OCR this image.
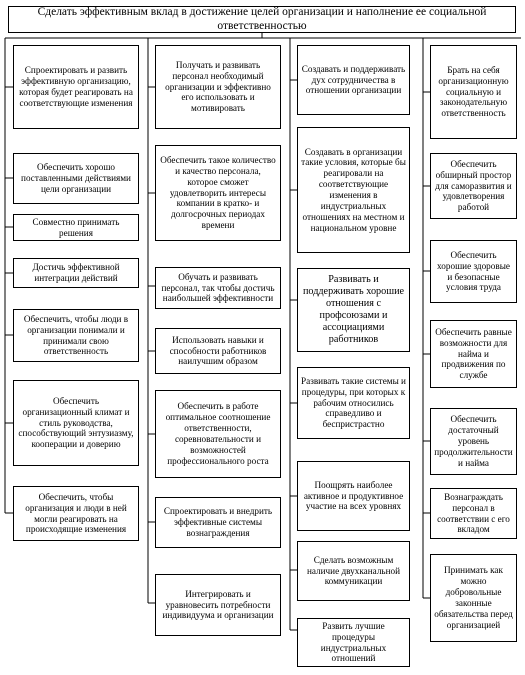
Сделать эффективным вклад в достижение целей организации и наполнение ее социальной ответственностью
Спроектировать и развить эффективную организацию, которая будет реагировать на соответствующие изменения
Обеспечить хорошо поставленными действиями цели организации
Совместно принимать решения
Достичь эффективной интеграции действий
Обеспечить, чтобы люди в организации понимали и принимали свою ответственность
Обеспечить организационный климат и стиль руководства, способствующий энтузиазму, кооперации и доверию
Обеспечить, чтобы организация и люди в ней могли реагировать на происходящие изменения
Получать и развивать персонал необходимый организации и эффективно его использовать и мотивировать
Обеспечить такое количество и качество персонала, которое сможет удовлетворить интересы компании в кратко- и долгосрочных периодах времени
Обучать и развивать персонал, так чтобы достичь наибольшей эффективности
Использовать навыки и способности работников наилучшим образом
Обеспечить в работе оптимальное соотношение ответственности, соревновательности и возможностей профессионального роста
Спроектировать и внедрить эффективные системы вознаграждения
Интегрировать и уравновесить потребности индивидуума и организации
Создавать и поддерживать дух сотрудничества в отношении организации
Создавать в организации такие условия, которые бы реагировали на соответствующие изменения в индустриальных отношениях на местном и национальном уровне
Развивать и поддерживать хорошие отношения с профсоюзами и ассоциациями работников
Развивать такие системы и процедуры, при которых к рабочим относились справедливо и беспристрастно
Поощрять наиболее активное и продуктивное участие на всех уровнях
Сделать возможным наличие двухканальной коммуникации
Развить лучшие процедуры индустриальных отношений
Брать на себя организационную социальную и законодательную ответственность
Обеспечить обширный простор для саморазвития и удовлетворения работой
Обеспечить хорошие здоровые и безопасные условия труда
Обеспечить равные возможности для найма и продвижения по службе
Обеспечить достаточный уровень продолжительности и найма
Вознаграждать персонал в соответствии с его вкладом
Принимать как можно добровольные законные обязательства перед организацией
